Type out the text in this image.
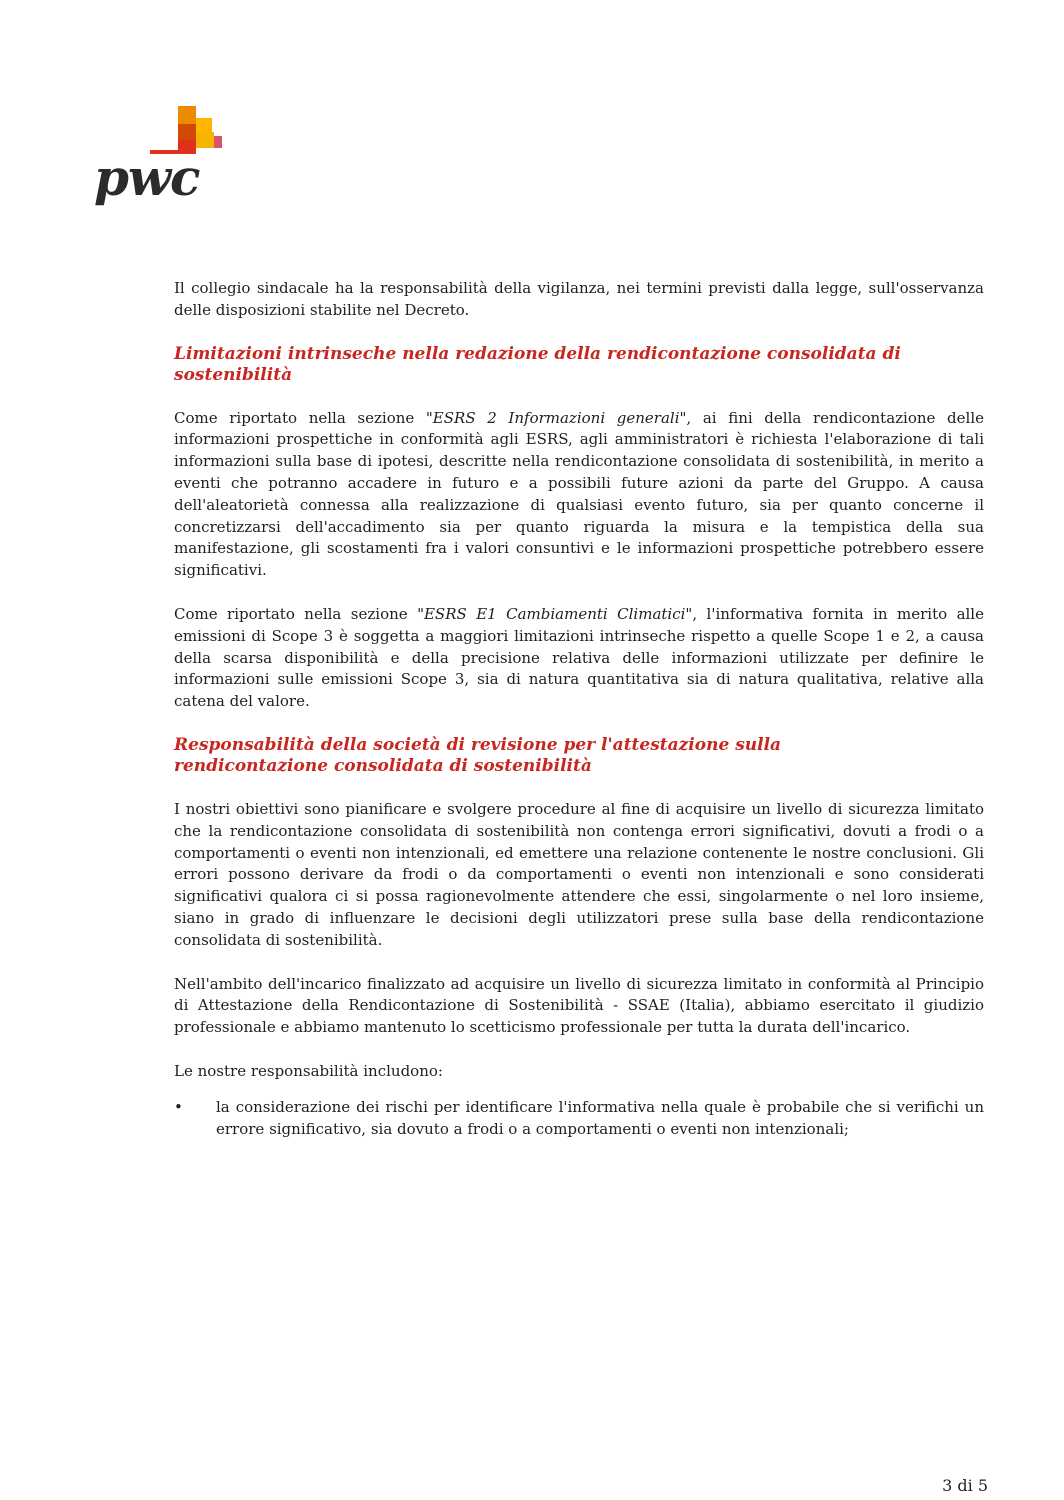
pwc

Il collegio sindacale ha la responsabilità della vigilanza, nei termini previsti dalla legge, sull'osservanza delle disposizioni stabilite nel Decreto.

Limitazioni intrinseche nella redazione della rendicontazione consolidata di sostenibilità

Come riportato nella sezione "ESRS 2 Informazioni generali", ai fini della rendicontazione delle informazioni prospettiche in conformità agli ESRS, agli amministratori è richiesta l'elaborazione di tali informazioni sulla base di ipotesi, descritte nella rendicontazione consolidata di sostenibilità, in merito a eventi che potranno accadere in futuro e a possibili future azioni da parte del Gruppo. A causa dell'aleatorietà connessa alla realizzazione di qualsiasi evento futuro, sia per quanto concerne il concretizzarsi dell'accadimento sia per quanto riguarda la misura e la tempistica della sua manifestazione, gli scostamenti fra i valori consuntivi e le informazioni prospettiche potrebbero essere significativi.

Come riportato nella sezione "ESRS E1 Cambiamenti Climatici", l'informativa fornita in merito alle emissioni di Scope 3 è soggetta a maggiori limitazioni intrinseche rispetto a quelle Scope 1 e 2, a causa della scarsa disponibilità e della precisione relativa delle informazioni utilizzate per definire le informazioni sulle emissioni Scope 3, sia di natura quantitativa sia di natura qualitativa, relative alla catena del valore.

Responsabilità della società di revisione per l'attestazione sulla rendicontazione consolidata di sostenibilità

I nostri obiettivi sono pianificare e svolgere procedure al fine di acquisire un livello di sicurezza limitato che la rendicontazione consolidata di sostenibilità non contenga errori significativi, dovuti a frodi o a comportamenti o eventi non intenzionali, ed emettere una relazione contenente le nostre conclusioni. Gli errori possono derivare da frodi o da comportamenti o eventi non intenzionali e sono considerati significativi qualora ci si possa ragionevolmente attendere che essi, singolarmente o nel loro insieme, siano in grado di influenzare le decisioni degli utilizzatori prese sulla base della rendicontazione consolidata di sostenibilità.

Nell'ambito dell'incarico finalizzato ad acquisire un livello di sicurezza limitato in conformità al Principio di Attestazione della Rendicontazione di Sostenibilità - SSAE (Italia), abbiamo esercitato il giudizio professionale e abbiamo mantenuto lo scetticismo professionale per tutta la durata dell'incarico.

Le nostre responsabilità includono:

• la considerazione dei rischi per identificare l'informativa nella quale è probabile che si verifichi un errore significativo, sia dovuto a frodi o a comportamenti o eventi non intenzionali;
3 di 5
